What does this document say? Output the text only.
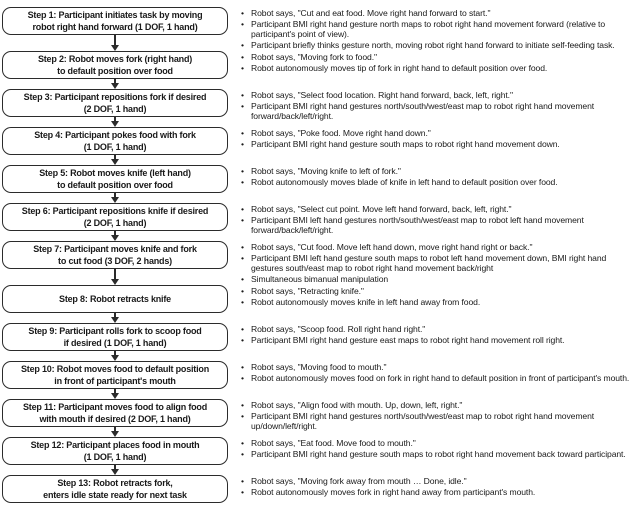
Step 1: Participant initiates task by moving
robot right hand forward (1 DOF, 1 hand)
• Robot says, "Cut and eat food. Move right hand forward to start."
• Participant BMI right hand gesture north maps to robot right hand movement forward (relative to participant's point of view).
• Participant briefly thinks gesture north, moving robot right hand forward to initiate self-feeding task.
Step 2: Robot moves fork (right hand)
to default position over food
• Robot says, "Moving fork to food."
• Robot autonomously moves tip of fork in right hand to default position over food.
Step 3: Participant repositions fork if desired
(2 DOF, 1 hand)
• Robot says, "Select food location. Right hand forward, back, left, right."
• Participant BMI right hand gestures north/south/west/east map to robot right hand movement forward/back/left/right.
Step 4: Participant pokes food with fork
(1 DOF, 1 hand)
• Robot says, "Poke food. Move right hand down."
• Participant BMI right hand gesture south maps to robot right hand movement down.
Step 5: Robot moves knife (left hand)
to default position over food
• Robot says, "Moving knife to left of fork."
• Robot autonomously moves blade of knife in left hand to default position over food.
Step 6: Participant repositions knife if desired
(2 DOF, 1 hand)
• Robot says, "Select cut point. Move left hand forward, back, left, right."
• Participant BMI left hand gestures north/south/west/east map to robot left hand movement forward/back/left/right.
Step 7: Participant moves knife and fork
to cut food (3 DOF, 2 hands)
• Robot says, "Cut food. Move left hand down, move right hand right or back."
• Participant BMI left hand gesture south maps to robot left hand movement down, BMI right hand gestures south/east map to robot right hand movement back/right
• Simultaneous bimanual manipulation
Step 8: Robot retracts knife
• Robot says, "Retracting knife."
• Robot autonomously moves knife in left hand away from food.
Step 9: Participant rolls fork to scoop food
if desired (1 DOF, 1 hand)
• Robot says, "Scoop food. Roll right hand right."
• Participant BMI right hand gesture east maps to robot right hand movement roll right.
Step 10: Robot moves food to default position
in front of participant's mouth
• Robot says, "Moving food to mouth."
• Robot autonomously moves food on fork in right hand to default position in front of participant's mouth.
Step 11: Participant moves food to align food
with mouth if desired (2 DOF, 1 hand)
• Robot says, "Align food with mouth. Up, down, left, right."
• Participant BMI right hand gestures north/south/west/east map to robot right hand movement up/down/left/right.
Step 12: Participant places food in mouth
(1 DOF, 1 hand)
• Robot says, "Eat food. Move food to mouth."
• Participant BMI right hand gesture south maps to robot right hand movement back toward participant.
Step 13: Robot retracts fork,
enters idle state ready for next task
• Robot says, "Moving fork away from mouth … Done, idle."
• Robot autonomously moves fork in right hand away from participant's mouth.
